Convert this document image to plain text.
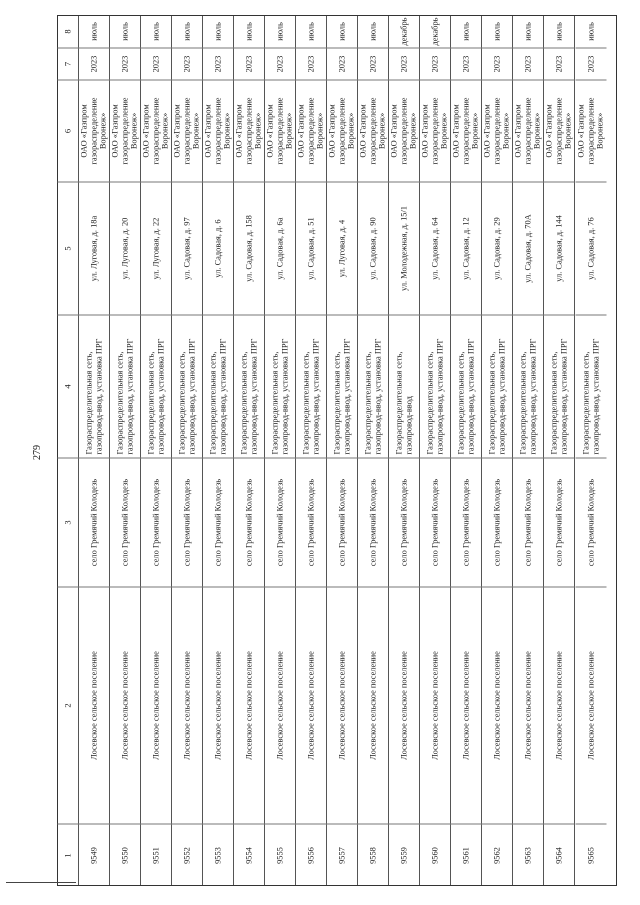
279
1
2
3
4
5
6
7
8
9549
Лосевское сельское поселение
село Гремячий Колодезь
Газораспределительная сеть, газопровод-ввод, установка ПРГ
ул. Луговая, д. 18а
ОАО «Газпром газораспределение Воронеж»
2023
июль
9550
Лосевское сельское поселение
село Гремячий Колодезь
Газораспределительная сеть, газопровод-ввод, установка ПРГ
ул. Луговая, д. 20
ОАО «Газпром газораспределение Воронеж»
2023
июль
9551
Лосевское сельское поселение
село Гремячий Колодезь
Газораспределительная сеть, газопровод-ввод, установка ПРГ
ул. Луговая, д. 22
ОАО «Газпром газораспределение Воронеж»
2023
июль
9552
Лосевское сельское поселение
село Гремячий Колодезь
Газораспределительная сеть, газопровод-ввод, установка ПРГ
ул. Садовая, д. 97
ОАО «Газпром газораспределение Воронеж»
2023
июль
9553
Лосевское сельское поселение
село Гремячий Колодезь
Газораспределительная сеть, газопровод-ввод, установка ПРГ
ул. Садовая, д. 6
ОАО «Газпром газораспределение Воронеж»
2023
июль
9554
Лосевское сельское поселение
село Гремячий Колодезь
Газораспределительная сеть, газопровод-ввод, установка ПРГ
ул. Садовая, д. 158
ОАО «Газпром газораспределение Воронеж»
2023
июль
9555
Лосевское сельское поселение
село Гремячий Колодезь
Газораспределительная сеть, газопровод-ввод, установка ПРГ
ул. Садовая, д. 6а
ОАО «Газпром газораспределение Воронеж»
2023
июль
9556
Лосевское сельское поселение
село Гремячий Колодезь
Газораспределительная сеть, газопровод-ввод, установка ПРГ
ул. Садовая, д. 51
ОАО «Газпром газораспределение Воронеж»
2023
июль
9557
Лосевское сельское поселение
село Гремячий Колодезь
Газораспределительная сеть, газопровод-ввод, установка ПРГ
ул. Луговая, д. 4
ОАО «Газпром газораспределение Воронеж»
2023
июль
9558
Лосевское сельское поселение
село Гремячий Колодезь
Газораспределительная сеть, газопровод-ввод, установка ПРГ
ул. Садовая, д. 90
ОАО «Газпром газораспределение Воронеж»
2023
июль
9559
Лосевское сельское поселение
село Гремячий Колодезь
Газораспределительная сеть, газопровод-ввод
ул. Молодежная, д. 15/1
ОАО «Газпром газораспределение Воронеж»
2023
декабрь
9560
Лосевское сельское поселение
село Гремячий Колодезь
Газораспределительная сеть, газопровод-ввод, установка ПРГ
ул. Садовая, д. 64
ОАО «Газпром газораспределение Воронеж»
2023
декабрь
9561
Лосевское сельское поселение
село Гремячий Колодезь
Газораспределительная сеть, газопровод-ввод, установка ПРГ
ул. Садовая, д. 12
ОАО «Газпром газораспределение Воронеж»
2023
июль
9562
Лосевское сельское поселение
село Гремячий Колодезь
Газораспределительная сеть, газопровод-ввод, установка ПРГ
ул. Садовая, д. 29
ОАО «Газпром газораспределение Воронеж»
2023
июль
9563
Лосевское сельское поселение
село Гремячий Колодезь
Газораспределительная сеть, газопровод-ввод, установка ПРГ
ул. Садовая, д. 70А
ОАО «Газпром газораспределение Воронеж»
2023
июль
9564
Лосевское сельское поселение
село Гремячий Колодезь
Газораспределительная сеть, газопровод-ввод, установка ПРГ
ул. Садовая, д. 144
ОАО «Газпром газораспределение Воронеж»
2023
июль
9565
Лосевское сельское поселение
село Гремячий Колодезь
Газораспределительная сеть, газопровод-ввод, установка ПРГ
ул. Садовая, д. 76
ОАО «Газпром газораспределение Воронеж»
2023
июль
